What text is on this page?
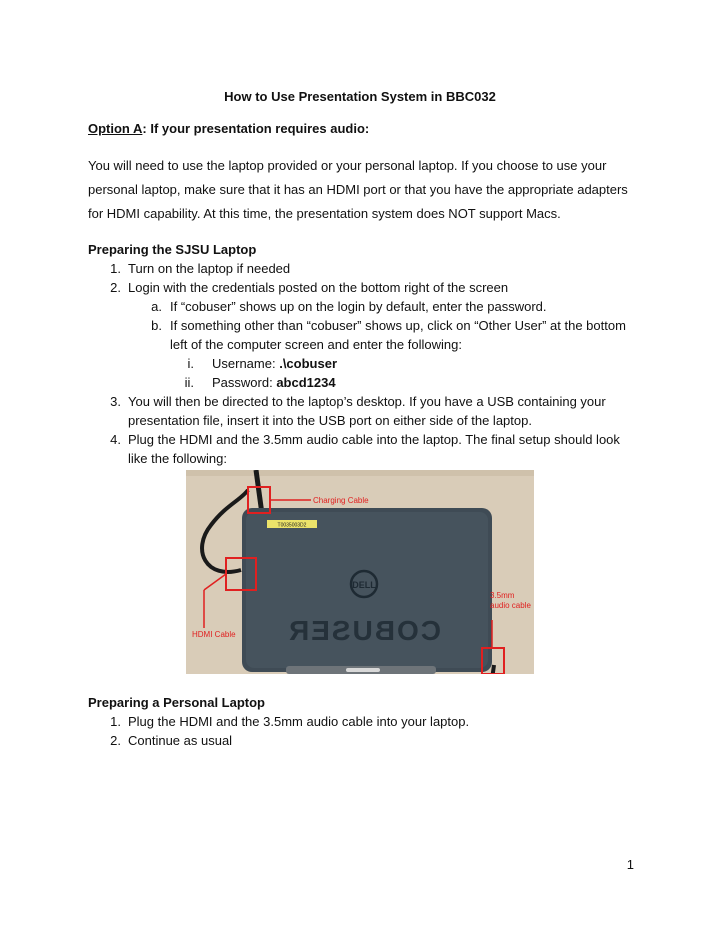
How to Use Presentation System in BBC032
Option A: If your presentation requires audio:
You will need to use the laptop provided or your personal laptop. If you choose to use your
personal laptop, make sure that it has an HDMI port or that you have the appropriate adapters
for HDMI capability. At this time, the presentation system does NOT support Macs.
Preparing the SJSU Laptop
1. Turn on the laptop if needed
2. Login with the credentials posted on the bottom right of the screen
a. If “cobuser” shows up on the login by default, enter the password.
b. If something other than “cobuser” shows up, click on “Other User” at the bottom
left of the computer screen and enter the following:
i. Username: .\cobuser
ii. Password: abcd1234
3. You will then be directed to the laptop’s desktop. If you have a USB containing your
presentation file, insert it into the USB port on either side of the laptop.
T0035003D2
DELL
COBUSER
Charging Cable
HDMI Cable
3.5mm
audio cable
Preparing a Personal Laptop
1. Plug the HDMI and the 3.5mm audio cable into your laptop.
2. Continue as usual
1
4. Plug the HDMI and the 3.5mm audio cable into the laptop. The final setup should look
like the following:
